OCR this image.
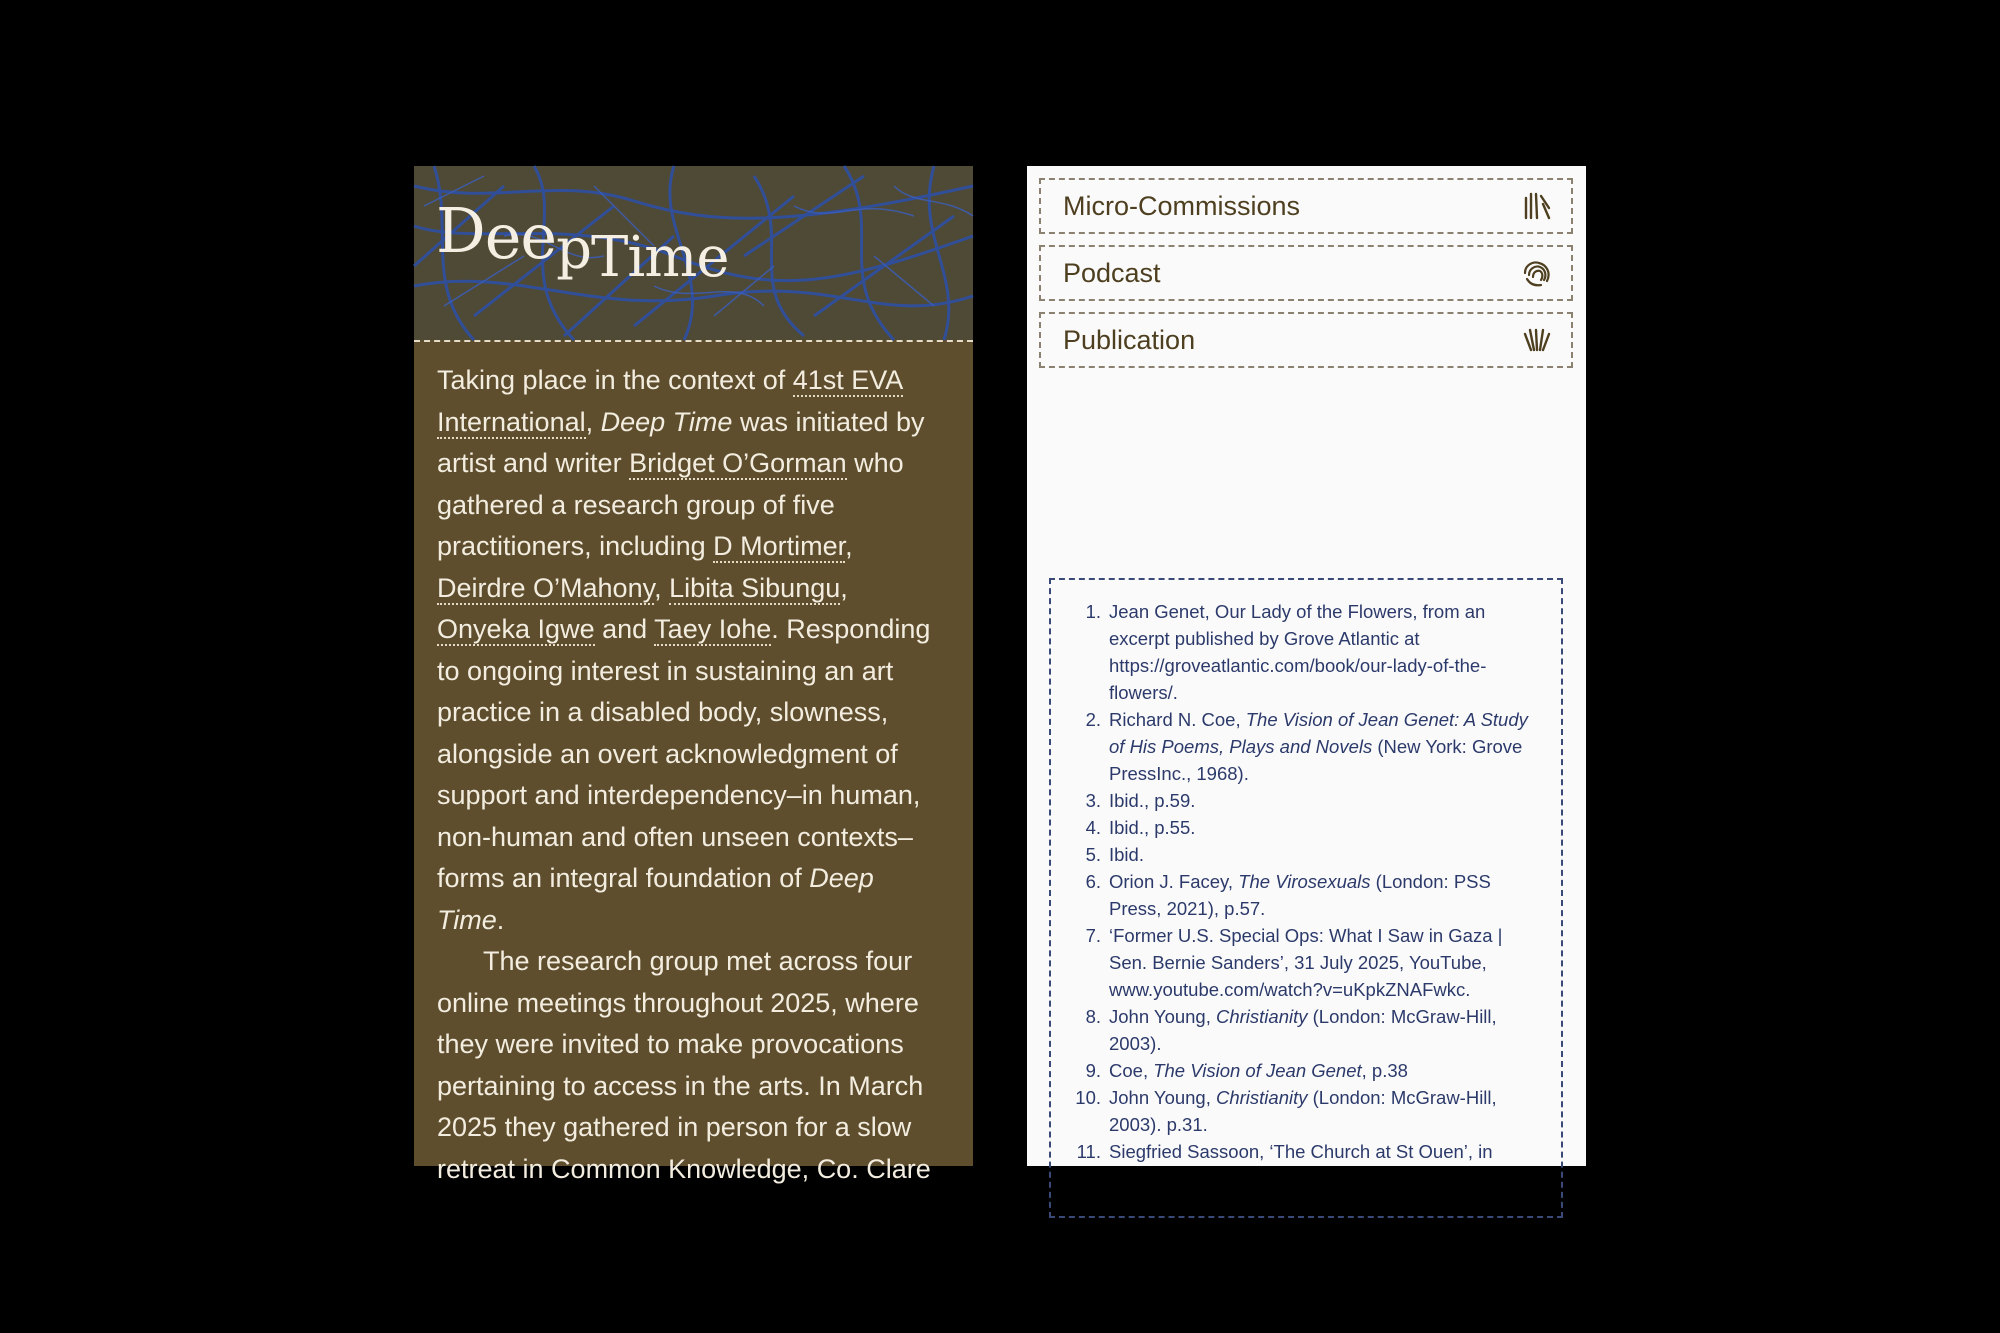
DeepTime

Taking place in the context of 41st EVA International, Deep Time was initiated by artist and writer Bridget O’Gorman who gathered a research group of five practitioners, including D Mortimer, Deirdre O’Mahony, Libita Sibungu, Onyeka Igwe and Taey Iohe. Responding to ongoing interest in sustaining an art practice in a disabled body, slowness, alongside an overt acknowledgment of support and interdependency–in human, non-human and often unseen contexts–forms an integral foundation of Deep Time.

The research group met across four online meetings throughout 2025, where they were invited to make provocations pertaining to access in the arts. In March 2025 they gathered in person for a slow retreat in Common Knowledge, Co. Clare

Micro-Commissions
Podcast
Publication
1. Jean Genet, Our Lady of the Flowers, from an excerpt published by Grove Atlantic at https://groveatlantic.com/book/our-lady-of-the-flowers/.
2. Richard N. Coe, The Vision of Jean Genet: A Study of His Poems, Plays and Novels (New York: Grove PressInc., 1968).
3. Ibid., p.59.
4. Ibid., p.55.
5. Ibid.
6. Orion J. Facey, The Virosexuals (London: PSS Press, 2021), p.57.
7. ‘Former U.S. Special Ops: What I Saw in Gaza | Sen. Bernie Sanders’, 31 July 2025, YouTube, www.youtube.com/watch?v=uKpkZNAFwkc.
8. John Young, Christianity (London: McGraw-Hill, 2003).
9. Coe, The Vision of Jean Genet, p.38
10. John Young, Christianity (London: McGraw-Hill, 2003). p.31.
11. Siegfried Sassoon, ‘The Church at St Ouen’, in
